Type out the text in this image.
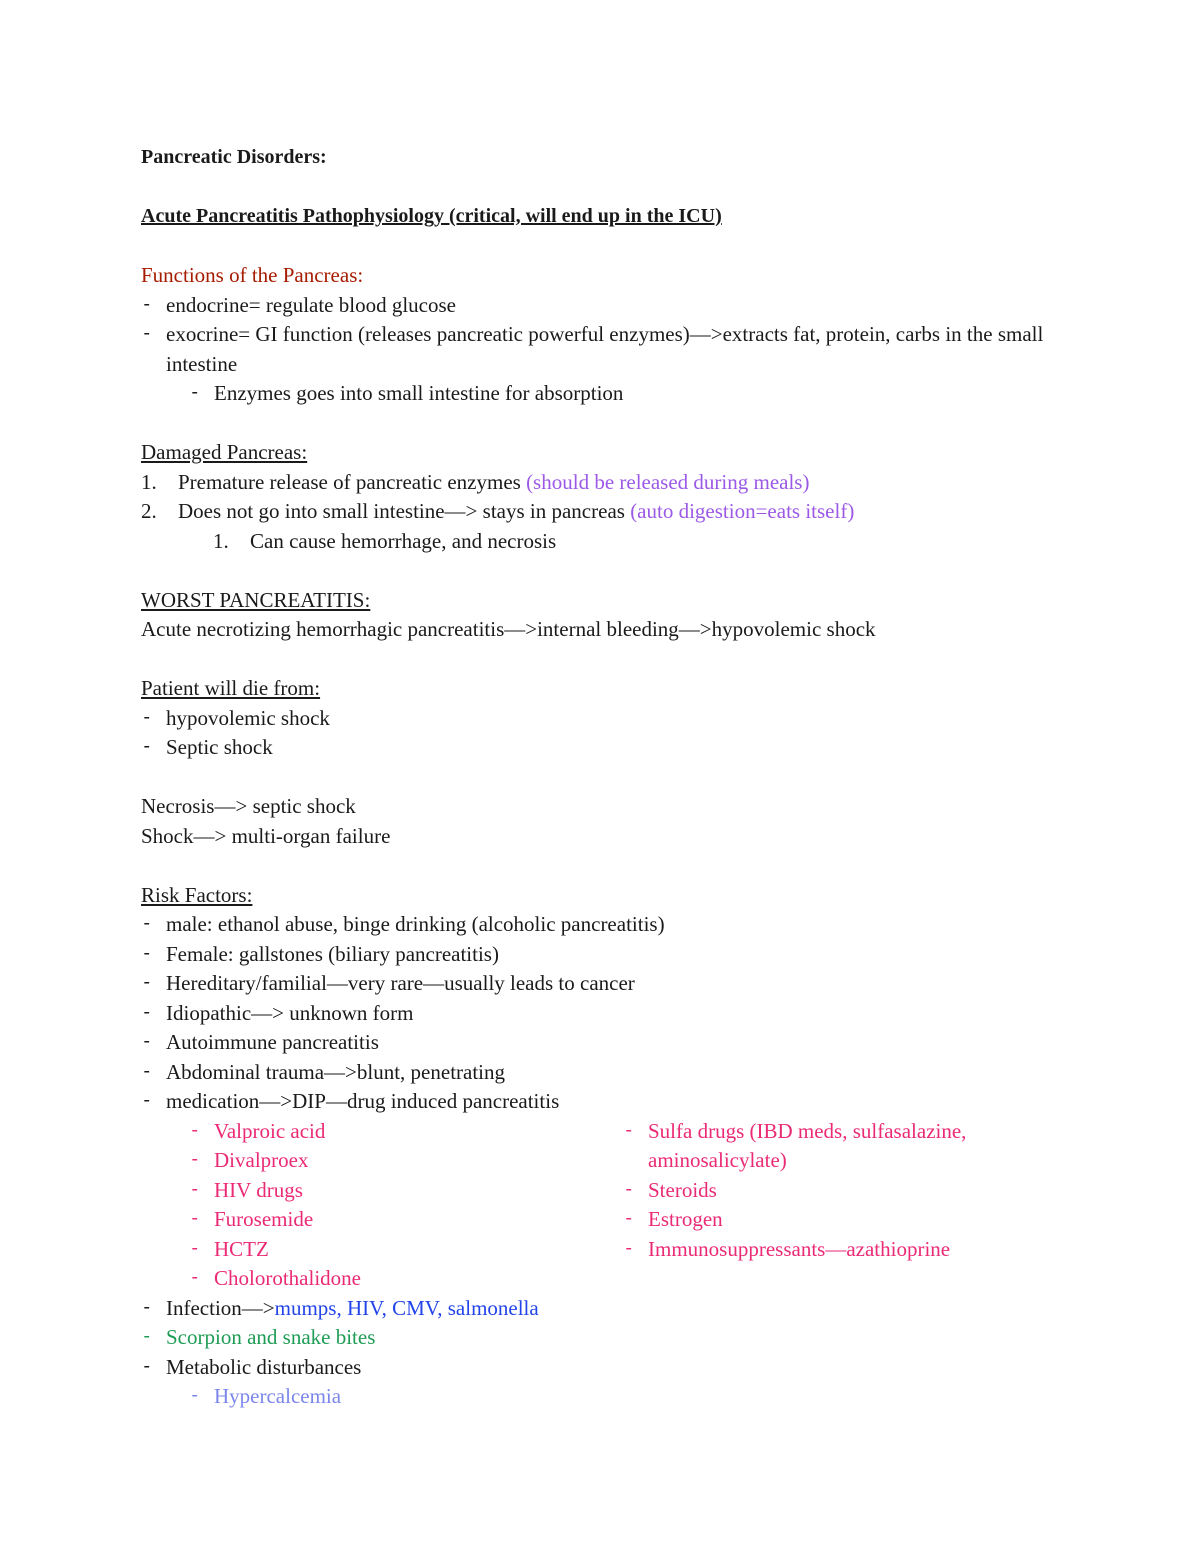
Pancreatic Disorders:
Acute Pancreatitis Pathophysiology (critical, will end up in the ICU)
Functions of the Pancreas:
- endocrine= regulate blood glucose
- exocrine= GI function (releases pancreatic powerful enzymes)—>extracts fat, protein, carbs in the small intestine
- Enzymes goes into small intestine for absorption
Damaged Pancreas:
1. Premature release of pancreatic enzymes (should be released during meals)
2. Does not go into small intestine—> stays in pancreas (auto digestion=eats itself)
1. Can cause hemorrhage, and necrosis
WORST PANCREATITIS:
Acute necrotizing hemorrhagic pancreatitis—>internal bleeding—>hypovolemic shock
Patient will die from:
- hypovolemic shock
- Septic shock
Necrosis—> septic shock
Shock—> multi-organ failure
Risk Factors:
- male: ethanol abuse, binge drinking (alcoholic pancreatitis)
- Female: gallstones (biliary pancreatitis)
- Hereditary/familial—very rare—usually leads to cancer
- Idiopathic—> unknown form
- Autoimmune pancreatitis
- Abdominal trauma—>blunt, penetrating
- medication—>DIP—drug induced pancreatitis
- Valproic acid
- Divalproex
- HIV drugs
- Furosemide
- HCTZ
- Cholorothalidone
- Sulfa drugs (IBD meds, sulfasalazine, aminosalicylate)
- Steroids
- Estrogen
- Immunosuppressants—azathioprine
- Infection—>mumps, HIV, CMV, salmonella
- Scorpion and snake bites
- Metabolic disturbances
- Hypercalcemia
